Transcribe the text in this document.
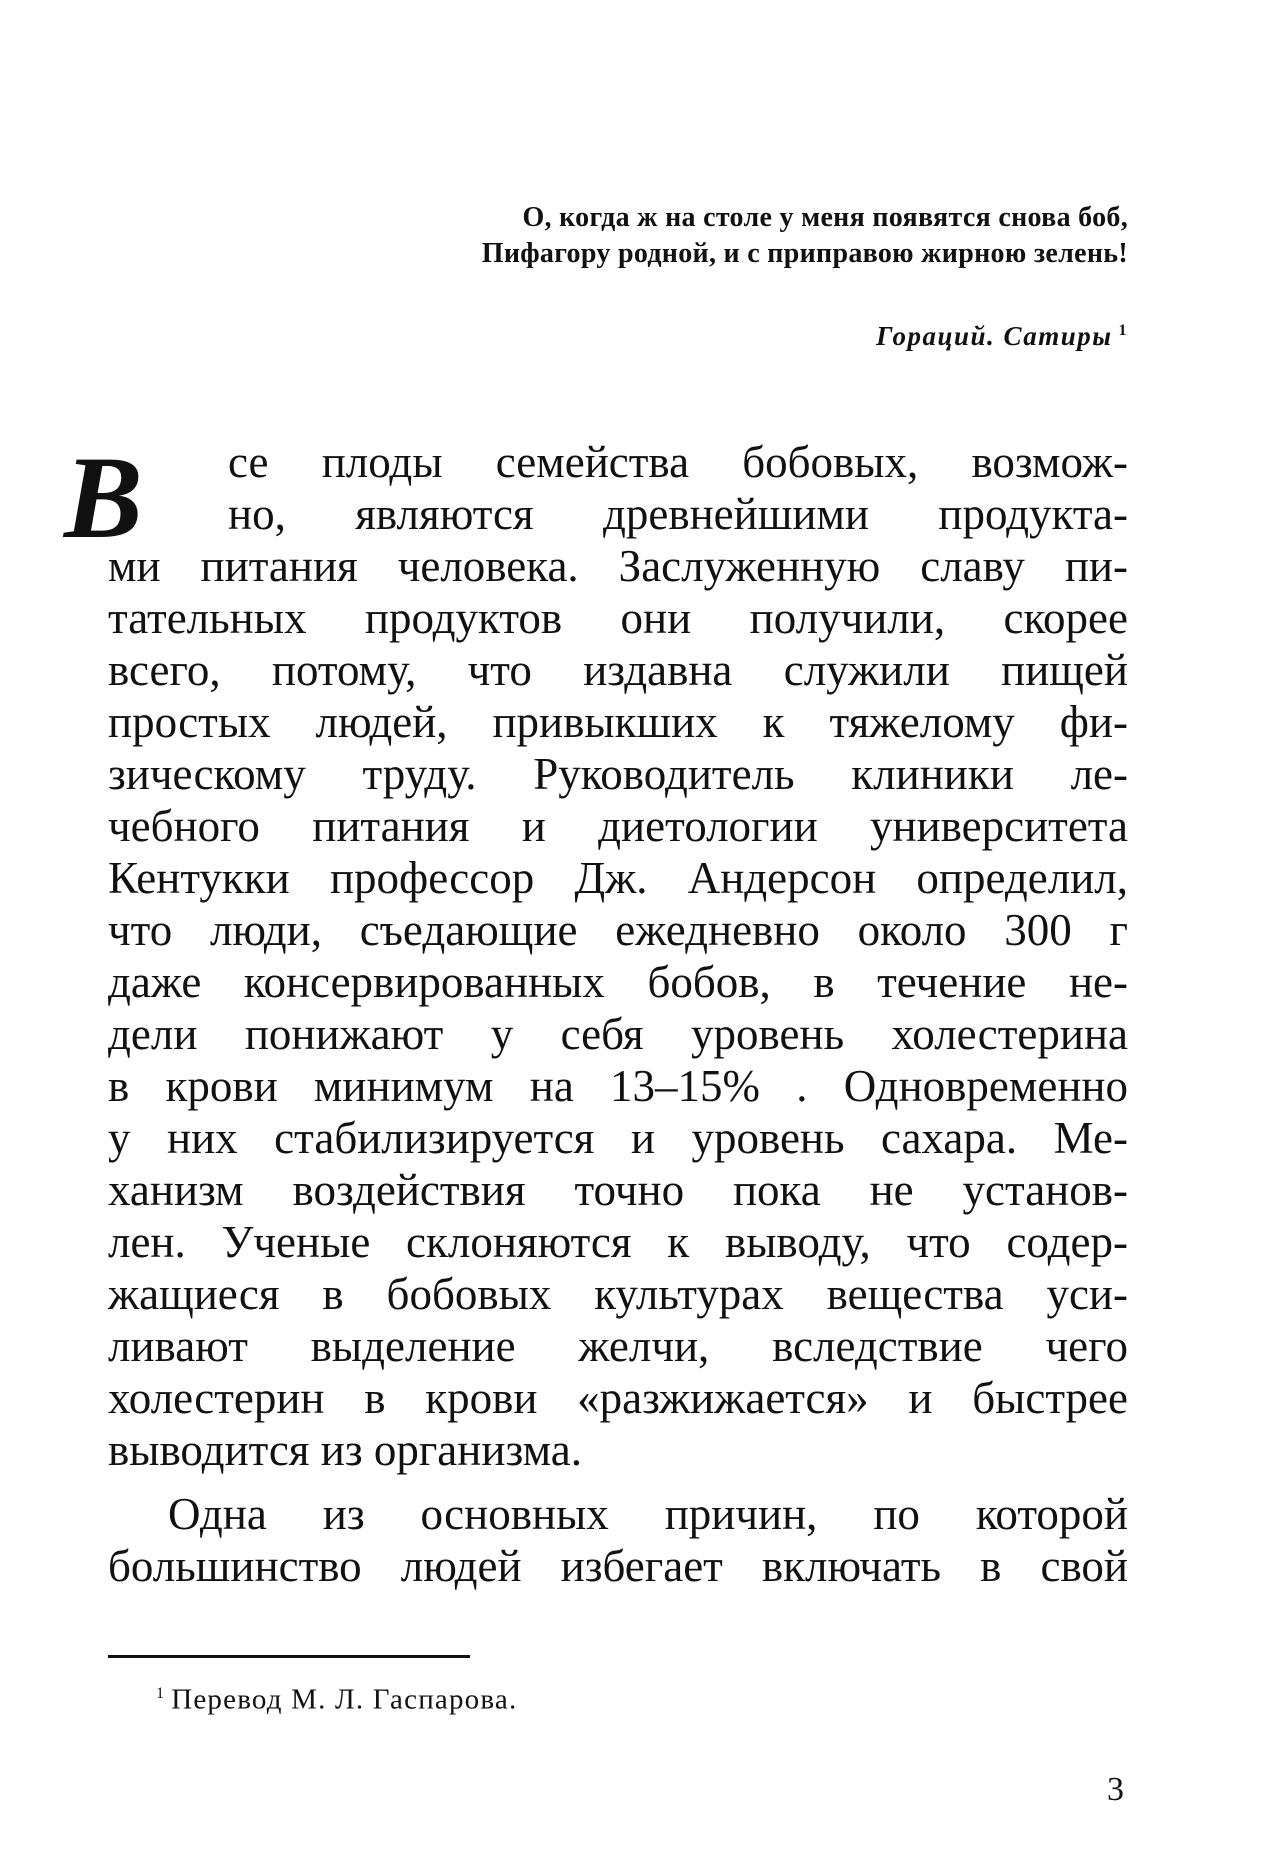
О, когда ж на столе у меня появятся снова боб,
Пифагору родной, и с приправою жирною зелень!
Гораций. Сатиры $^1$
В се плоды семейства бобовых, возмож-
но, являются древнейшими продукта-
ми питания человека. Заслуженную славу пи-
тательных продуктов они получили, скорее
всего, потому, что издавна служили пищей
простых людей, привыкших к тяжелому фи-
зическому труду. Руководитель клиники ле-
чебного питания и диетологии университета
Кентукки профессор Дж. Андерсон определил,
что люди, съедающие ежедневно около 300 г
даже консервированных бобов, в течение не-
дели понижают у себя уровень холестерина
в крови минимум на 13–15% . Одновременно
у них стабилизируется и уровень сахара. Ме-
ханизм воздействия точно пока не установ-
лен. Ученые склоняются к выводу, что содер-
жащиеся в бобовых культурах вещества уси-
ливают выделение желчи, вследствие чего
холестерин в крови «разжижается» и быстрее
выводится из организма.
Одна из основных причин, по которой
большинство людей избегает включать в свой
$^1$ Перевод М. Л. Гаспарова.
3
